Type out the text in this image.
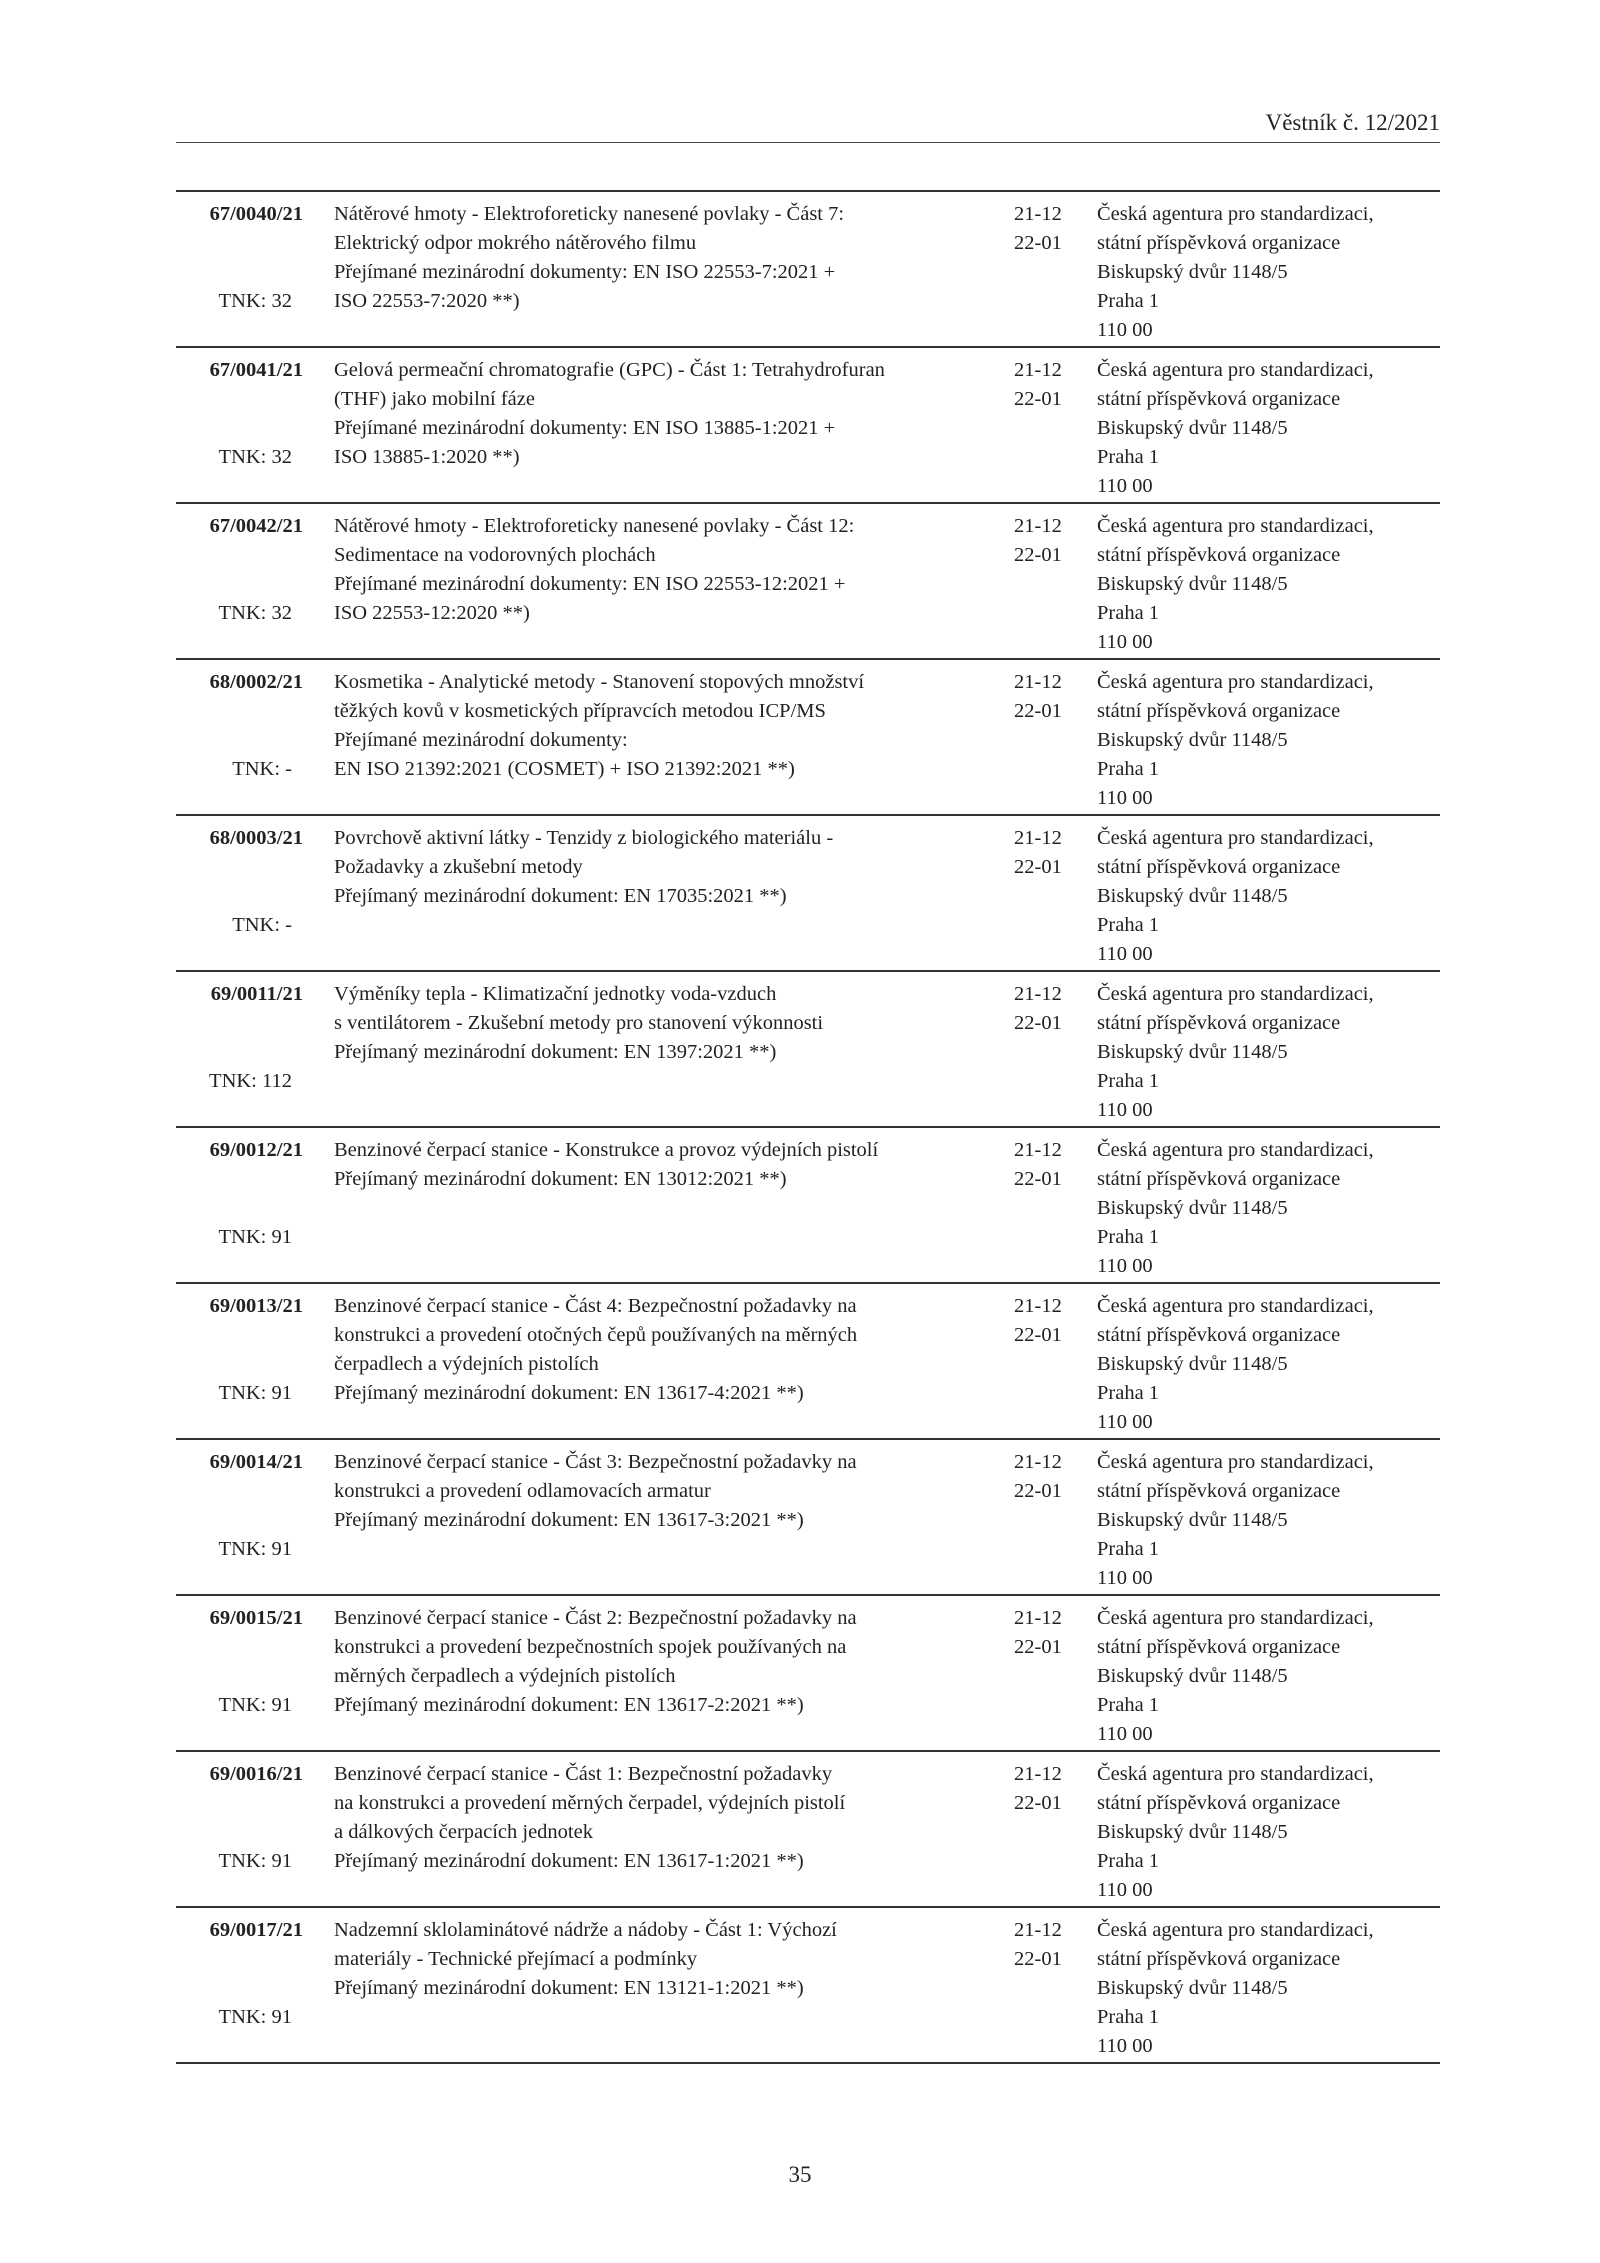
Věstník č. 12/2021
67/0040/21
TNK: 32
Nátěrové hmoty - Elektroforeticky nanesené povlaky - Část 7:
Elektrický odpor mokrého nátěrového filmu
Přejímané mezinárodní dokumenty: EN ISO 22553-7:2021 +
ISO 22553-7:2020 **)
21-12
22-01
Česká agentura pro standardizaci,
státní příspěvková organizace
Biskupský dvůr 1148/5
Praha 1
110 00
67/0041/21
TNK: 32
Gelová permeační chromatografie (GPC) - Část 1: Tetrahydrofuran
(THF) jako mobilní fáze
Přejímané mezinárodní dokumenty: EN ISO 13885-1:2021 +
ISO 13885-1:2020 **)
21-12
22-01
Česká agentura pro standardizaci,
státní příspěvková organizace
Biskupský dvůr 1148/5
Praha 1
110 00
67/0042/21
TNK: 32
Nátěrové hmoty - Elektroforeticky nanesené povlaky - Část 12:
Sedimentace na vodorovných plochách
Přejímané mezinárodní dokumenty: EN ISO 22553-12:2021 +
ISO 22553-12:2020 **)
21-12
22-01
Česká agentura pro standardizaci,
státní příspěvková organizace
Biskupský dvůr 1148/5
Praha 1
110 00
68/0002/21
TNK: -
Kosmetika - Analytické metody - Stanovení stopových množství
těžkých kovů v kosmetických přípravcích metodou ICP/MS
Přejímané mezinárodní dokumenty:
EN ISO 21392:2021 (COSMET) + ISO 21392:2021 **)
21-12
22-01
Česká agentura pro standardizaci,
státní příspěvková organizace
Biskupský dvůr 1148/5
Praha 1
110 00
68/0003/21
TNK: -
Povrchově aktivní látky - Tenzidy z biologického materiálu -
Požadavky a zkušební metody
Přejímaný mezinárodní dokument: EN 17035:2021 **)
21-12
22-01
Česká agentura pro standardizaci,
státní příspěvková organizace
Biskupský dvůr 1148/5
Praha 1
110 00
69/0011/21
TNK: 112
Výměníky tepla - Klimatizační jednotky voda-vzduch
s ventilátorem - Zkušební metody pro stanovení výkonnosti
Přejímaný mezinárodní dokument: EN 1397:2021 **)
21-12
22-01
Česká agentura pro standardizaci,
státní příspěvková organizace
Biskupský dvůr 1148/5
Praha 1
110 00
69/0012/21
TNK: 91
Benzinové čerpací stanice - Konstrukce a provoz výdejních pistolí
Přejímaný mezinárodní dokument: EN 13012:2021 **)
21-12
22-01
Česká agentura pro standardizaci,
státní příspěvková organizace
Biskupský dvůr 1148/5
Praha 1
110 00
69/0013/21
TNK: 91
Benzinové čerpací stanice - Část 4: Bezpečnostní požadavky na
konstrukci a provedení otočných čepů používaných na měrných
čerpadlech a výdejních pistolích
Přejímaný mezinárodní dokument: EN 13617-4:2021 **)
21-12
22-01
Česká agentura pro standardizaci,
státní příspěvková organizace
Biskupský dvůr 1148/5
Praha 1
110 00
69/0014/21
TNK: 91
Benzinové čerpací stanice - Část 3: Bezpečnostní požadavky na
konstrukci a provedení odlamovacích armatur
Přejímaný mezinárodní dokument: EN 13617-3:2021 **)
21-12
22-01
Česká agentura pro standardizaci,
státní příspěvková organizace
Biskupský dvůr 1148/5
Praha 1
110 00
69/0015/21
TNK: 91
Benzinové čerpací stanice - Část 2: Bezpečnostní požadavky na
konstrukci a provedení bezpečnostních spojek používaných na
měrných čerpadlech a výdejních pistolích
Přejímaný mezinárodní dokument: EN 13617-2:2021 **)
21-12
22-01
Česká agentura pro standardizaci,
státní příspěvková organizace
Biskupský dvůr 1148/5
Praha 1
110 00
69/0016/21
TNK: 91
Benzinové čerpací stanice - Část 1: Bezpečnostní požadavky
na konstrukci a provedení měrných čerpadel, výdejních pistolí
a dálkových čerpacích jednotek
Přejímaný mezinárodní dokument: EN 13617-1:2021 **)
21-12
22-01
Česká agentura pro standardizaci,
státní příspěvková organizace
Biskupský dvůr 1148/5
Praha 1
110 00
69/0017/21
TNK: 91
Nadzemní sklolaminátové nádrže a nádoby - Část 1: Výchozí
materiály - Technické přejímací a podmínky
Přejímaný mezinárodní dokument: EN 13121-1:2021 **)
21-12
22-01
Česká agentura pro standardizaci,
státní příspěvková organizace
Biskupský dvůr 1148/5
Praha 1
110 00
35
